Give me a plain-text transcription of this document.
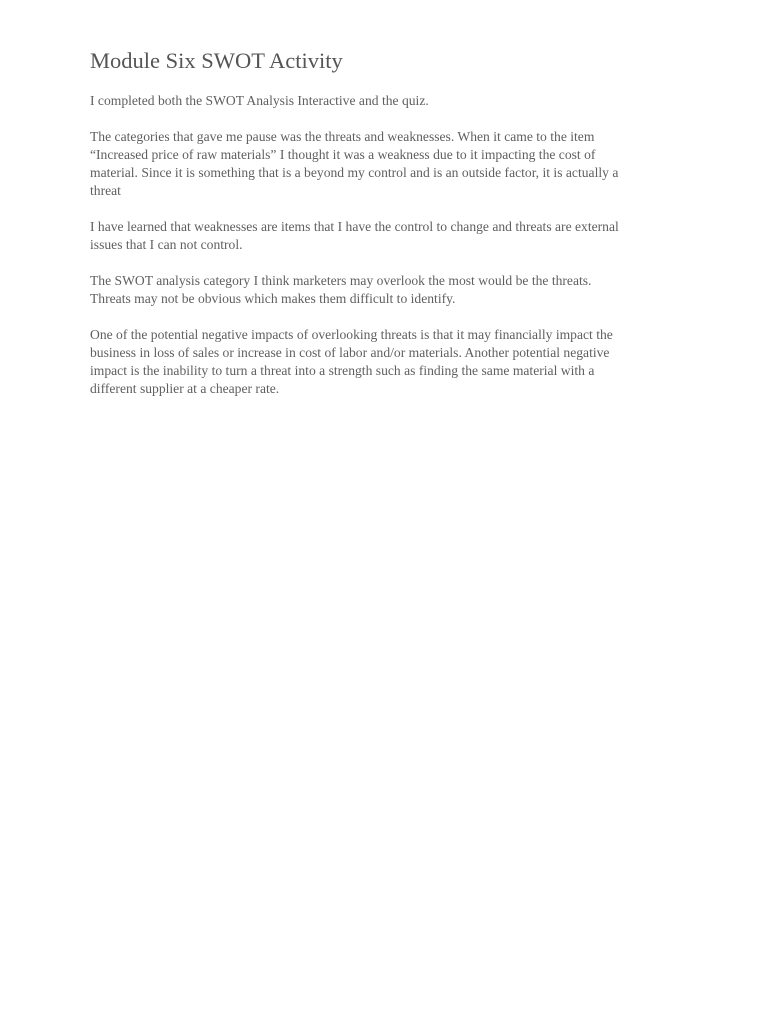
Module Six SWOT Activity

I completed both the SWOT Analysis Interactive and the quiz.

The categories that gave me pause was the threats and weaknesses. When it came to the item
“Increased price of raw materials” I thought it was a weakness due to it impacting the cost of
material. Since it is something that is a beyond my control and is an outside factor, it is actually a
threat

I have learned that weaknesses are items that I have the control to change and threats are external
issues that I can not control.

The SWOT analysis category I think marketers may overlook the most would be the threats.
Threats may not be obvious which makes them difficult to identify.

One of the potential negative impacts of overlooking threats is that it may financially impact the
business in loss of sales or increase in cost of labor and/or materials. Another potential negative
impact is the inability to turn a threat into a strength such as finding the same material with a
different supplier at a cheaper rate.
